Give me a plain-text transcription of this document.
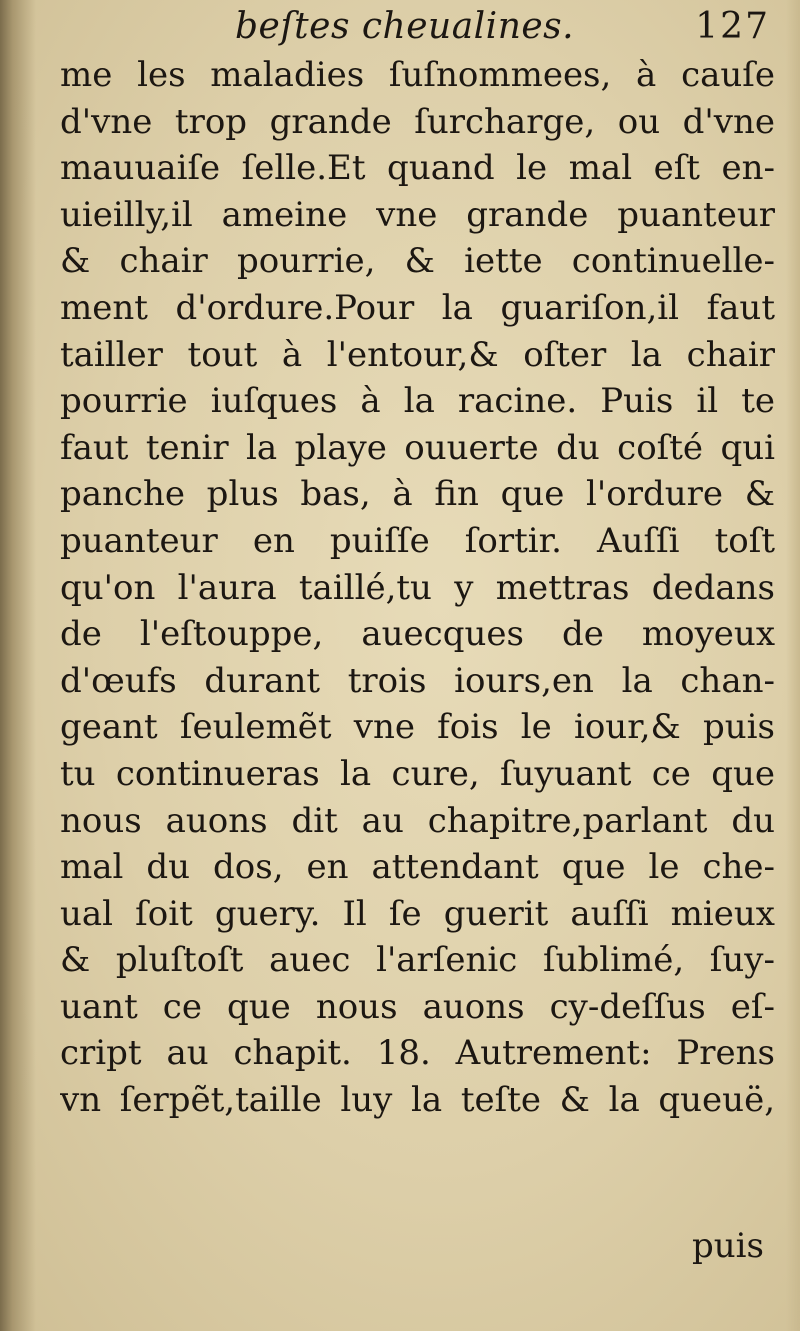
beſtes cheualines.	127
me les maladies ſuſnommees, à cauſe
d'vne trop grande ſurcharge, ou d'vne
mauuaiſe ſelle.Et quand le mal eſt en-
uieilly,il ameine vne grande puanteur
& chair pourrie, & iette continuelle-
ment d'ordure.Pour la guariſon,il faut
tailler tout à l'entour,& oſter la chair
pourrie iuſques à la racine. Puis il te
faut tenir la playe ouuerte du coſté qui
panche plus bas, à fin que l'ordure &
puanteur en puiſſe ſortir. Auſſi toſt
qu'on l'aura taillé,tu y mettras dedans
de l'eſtouppe, auecques de moyeux
d'œufs durant trois iours,en la chan-
geant ſeulemẽt vne fois le iour,& puis
tu continueras la cure, ſuyuant ce que
nous auons dit au chapitre,parlant du
mal du dos, en attendant que le che-
ual ſoit guery. Il ſe guerit auſſi mieux
& pluſtoſt auec l'arſenic ſublimé, ſuy-
uant ce que nous auons cy-deſſus eſ-
cript au chapit. 18. Autrement: Prens
vn ſerpẽt,taille luy la teſte & la queuë,
puis
